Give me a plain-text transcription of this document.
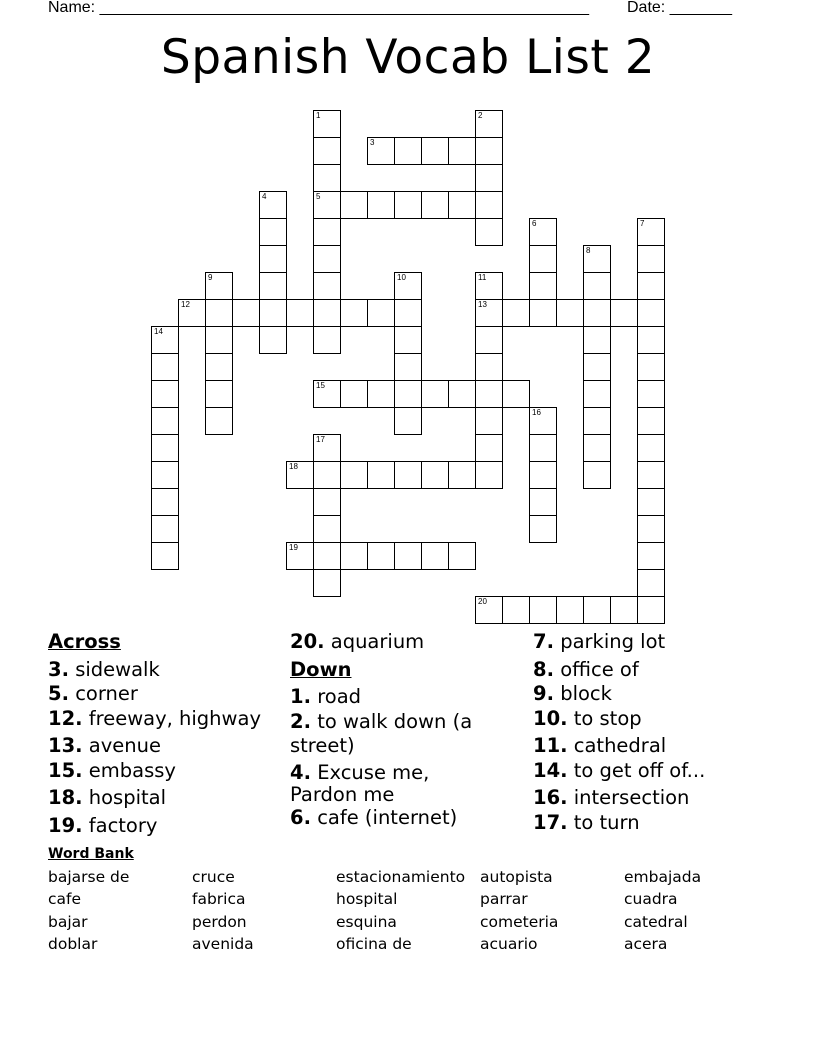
Name: _______________________________________________________ Date: _______
Spanish Vocab List 2
1	2
3
4	5
6	7
8
9	10	11
12	13
14
15
16
17
18
19
20
Across
3. sidewalk
5. corner
12. freeway, highway
13. avenue
15. embassy
18. hospital
19. factory
20. aquarium
Down
1. road
2. to walk down (a
street)
4. Excuse me,
Pardon me
6. cafe (internet)
7. parking lot
8. office of
9. block
10. to stop
11. cathedral
14. to get off of...
16. intersection
17. to turn
Word Bank
bajarse de	cruce	estacionamiento autopista	embajada
cafe	fabrica	hospital	parrar	cuadra
bajar	perdon	esquina	cometeria	catedral
doblar	avenida	oficina de	acuario	acera
